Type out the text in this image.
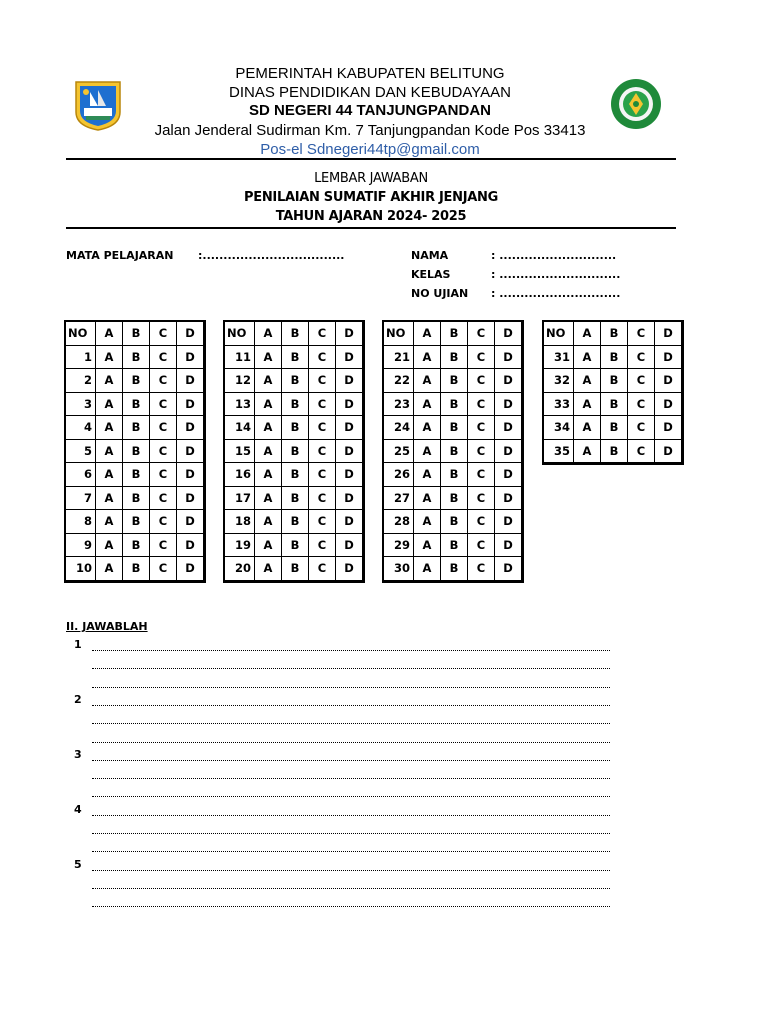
PEMERINTAH KABUPATEN BELITUNG
DINAS PENDIDIKAN DAN KEBUDAYAAN
SD NEGERI 44 TANJUNGPANDAN
Jalan Jenderal Sudirman Km. 7 Tanjungpandan Kode Pos 33413
Pos-el Sdnegeri44tp@gmail.com
LEMBAR JAWABAN
PENILAIAN SUMATIF AKHIR JENJANG
TAHUN AJARAN 2024- 2025
MATA PELAJARAN :..................................	NAMA	: ............................
KELAS	: .............................
NO UJIAN : .............................
NO	A	B	C	D
1	A	B	C	D
2	A	B	C	D
3	A	B	C	D
4	A	B	C	D
5	A	B	C	D
6	A	B	C	D
7	A	B	C	D
8	A	B	C	D
9	A	B	C	D
10	A	B	C	D
NO	A	B	C	D
11	A	B	C	D
12	A	B	C	D
13	A	B	C	D
14	A	B	C	D
15	A	B	C	D
16	A	B	C	D
17	A	B	C	D
18	A	B	C	D
19	A	B	C	D
20	A	B	C	D
NO	A	B	C	D
21	A	B	C	D
22	A	B	C	D
23	A	B	C	D
24	A	B	C	D
25	A	B	C	D
26	A	B	C	D
27	A	B	C	D
28	A	B	C	D
29	A	B	C	D
30	A	B	C	D
NO	A	B	C	D
31	A	B	C	D
32	A	B	C	D
33	A	B	C	D
34	A	B	C	D
35	A	B	C	D
II. JAWABLAH
1
2
3
4
5
